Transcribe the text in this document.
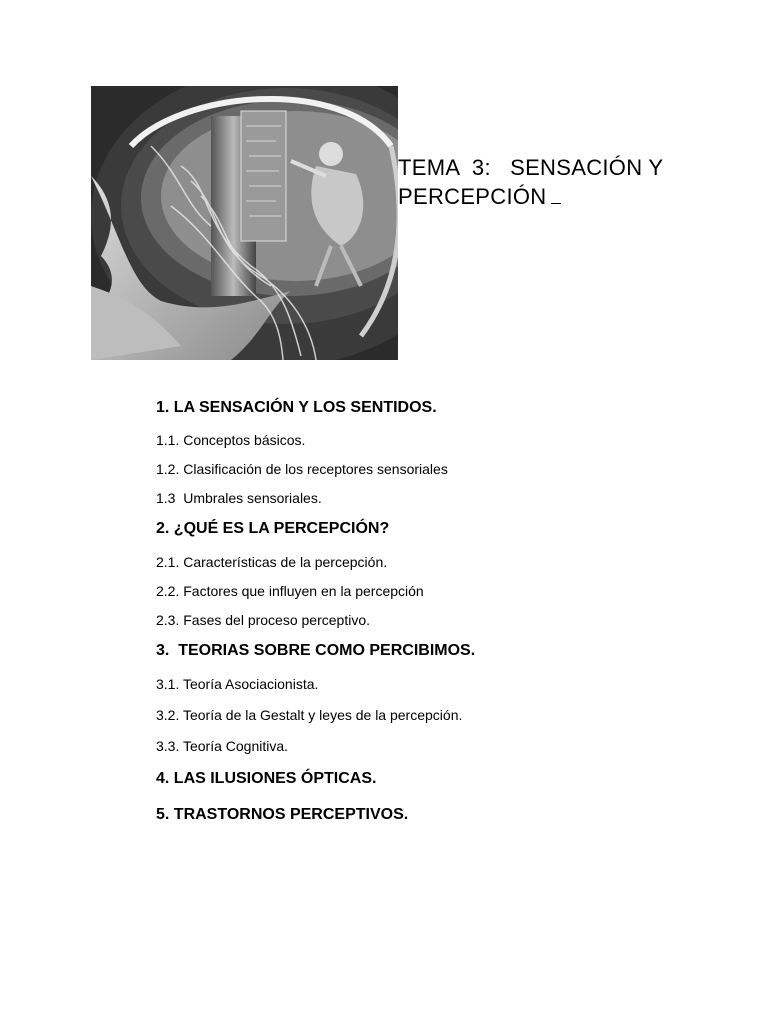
TEMA  3:   SENSACIÓN Y
PERCEPCIÓN
1. LA SENSACIÓN Y LOS SENTIDOS.
1.1. Conceptos básicos.
1.2. Clasificación de los receptores sensoriales
1.3  Umbrales sensoriales.
2. ¿QUÉ ES LA PERCEPCIÓN?
2.1. Características de la percepción.
2.2. Factores que influyen en la percepción
2.3. Fases del proceso perceptivo.
3.  TEORIAS SOBRE COMO PERCIBIMOS.
3.1. Teoría Asociacionista.
3.2. Teoría de la Gestalt y leyes de la percepción.
3.3. Teoría Cognitiva.
4. LAS ILUSIONES ÓPTICAS.
5. TRASTORNOS PERCEPTIVOS.
